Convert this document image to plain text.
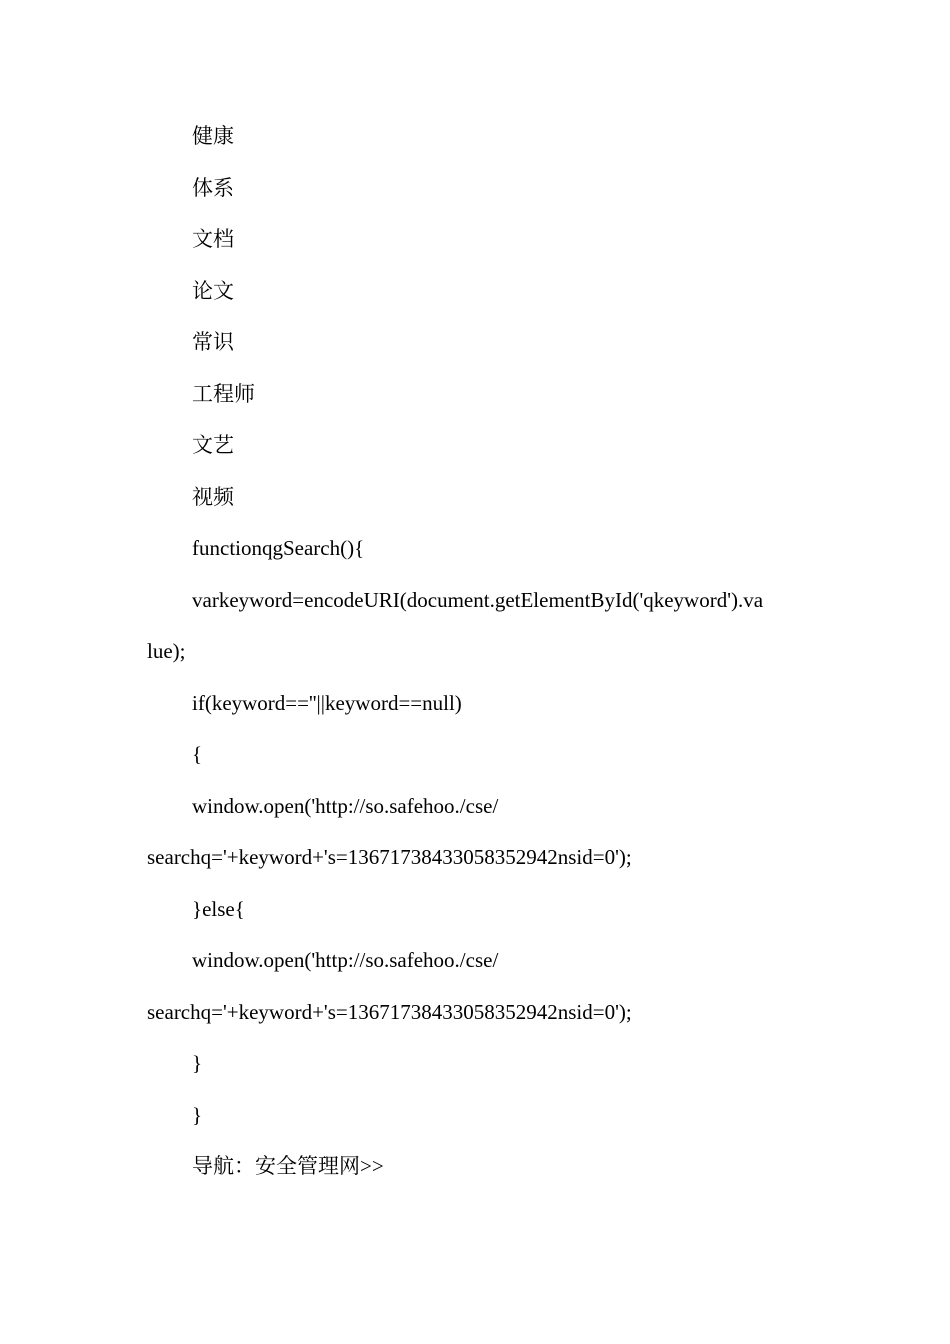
健康
体系
文档
论文
常识
工程师
文艺
视频
functionqgSearch(){
varkeyword=encodeURI(document.getElementById('qkeyword').va
lue);
if(keyword==''||keyword==null)
{
window.open('http://so.safehoo./cse/
searchq='+keyword+'s=13671738433058352942nsid=0');
}else{
window.open('http://so.safehoo./cse/
searchq='+keyword+'s=13671738433058352942nsid=0');
}
}
导航：安全管理网>>
